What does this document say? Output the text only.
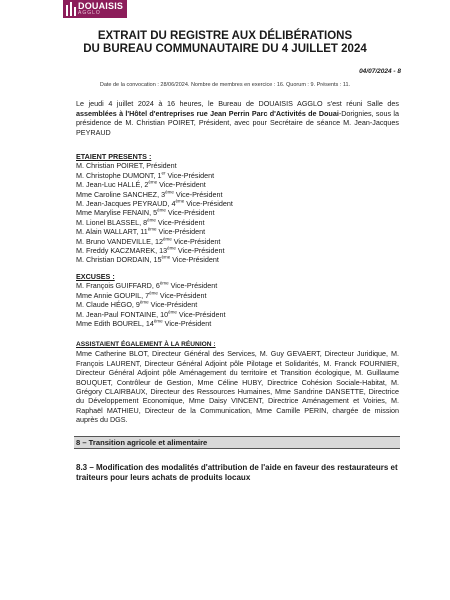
DOUAISIS
AGGLO
EXTRAIT DU REGISTRE AUX DÉLIBÉRATIONS
DU BUREAU COMMUNAUTAIRE DU 4 JUILLET 2024
04/07/2024 - 8
Date de la convocation : 28/06/2024. Nombre de membres en exercice : 16. Quorum : 9. Présents : 11.
Le jeudi 4 juillet 2024 à 16 heures, le Bureau de DOUAISIS AGGLO s'est réuni Salle des assemblées à l'Hôtel d'entreprises rue Jean Perrin Parc d'Activités de Douai-Dorignies, sous la présidence de M. Christian POIRET, Président, avec pour Secrétaire de séance M. Jean-Jacques PEYRAUD
ETAIENT PRESENTS :
M. Christian POIRET, Président
M. Christophe DUMONT, 1er Vice-Président
M. Jean-Luc HALLÉ, 2ème Vice-Président
Mme Caroline SANCHEZ, 3ème Vice-Président
M. Jean-Jacques PEYRAUD, 4ème Vice-Président
Mme Marylise FENAIN, 5ème Vice-Président
M. Lionel BLASSEL, 8ème Vice-Président
M. Alain WALLART, 11ème Vice-Président
M. Bruno VANDEVILLE, 12ème Vice-Président
M. Freddy KACZMAREK, 13ème Vice-Président
M. Christian DORDAIN, 15ème Vice-Président
EXCUSES :
M. François GUIFFARD, 6ème Vice-Président
Mme Annie GOUPIL, 7ème Vice-Président
M. Claude HÉGO, 9ème Vice-Président
M. Jean-Paul FONTAINE, 10ème Vice-Président
Mme Edith BOUREL, 14ème Vice-Président
ASSISTAIENT ÉGALEMENT À LA RÉUNION :
Mme Catherine BLOT, Directeur Général des Services, M. Guy GEVAERT, Directeur Juridique, M. François LAURENT, Directeur Général Adjoint pôle Pilotage et Solidarités, M. Franck FOURNIER, Directeur Général Adjoint pôle Aménagement du territoire et Transition écologique, M. Guillaume BOUQUET, Contrôleur de Gestion, Mme Céline HUBY, Directrice Cohésion Sociale-Habitat, M. Grégory CLAIRBAUX, Directeur des Ressources Humaines, Mme Sandrine DANSETTE, Directrice du Développement Economique, Mme Daisy VINCENT, Directrice Aménagement et Voiries, M. Raphaël MATHIEU, Directeur de la Communication, Mme Camille PERIN, chargée de mission auprès du DGS.
8 – Transition agricole et alimentaire
8.3 – Modification des modalités d'attribution de l'aide en faveur des restaurateurs et traiteurs pour leurs achats de produits locaux
